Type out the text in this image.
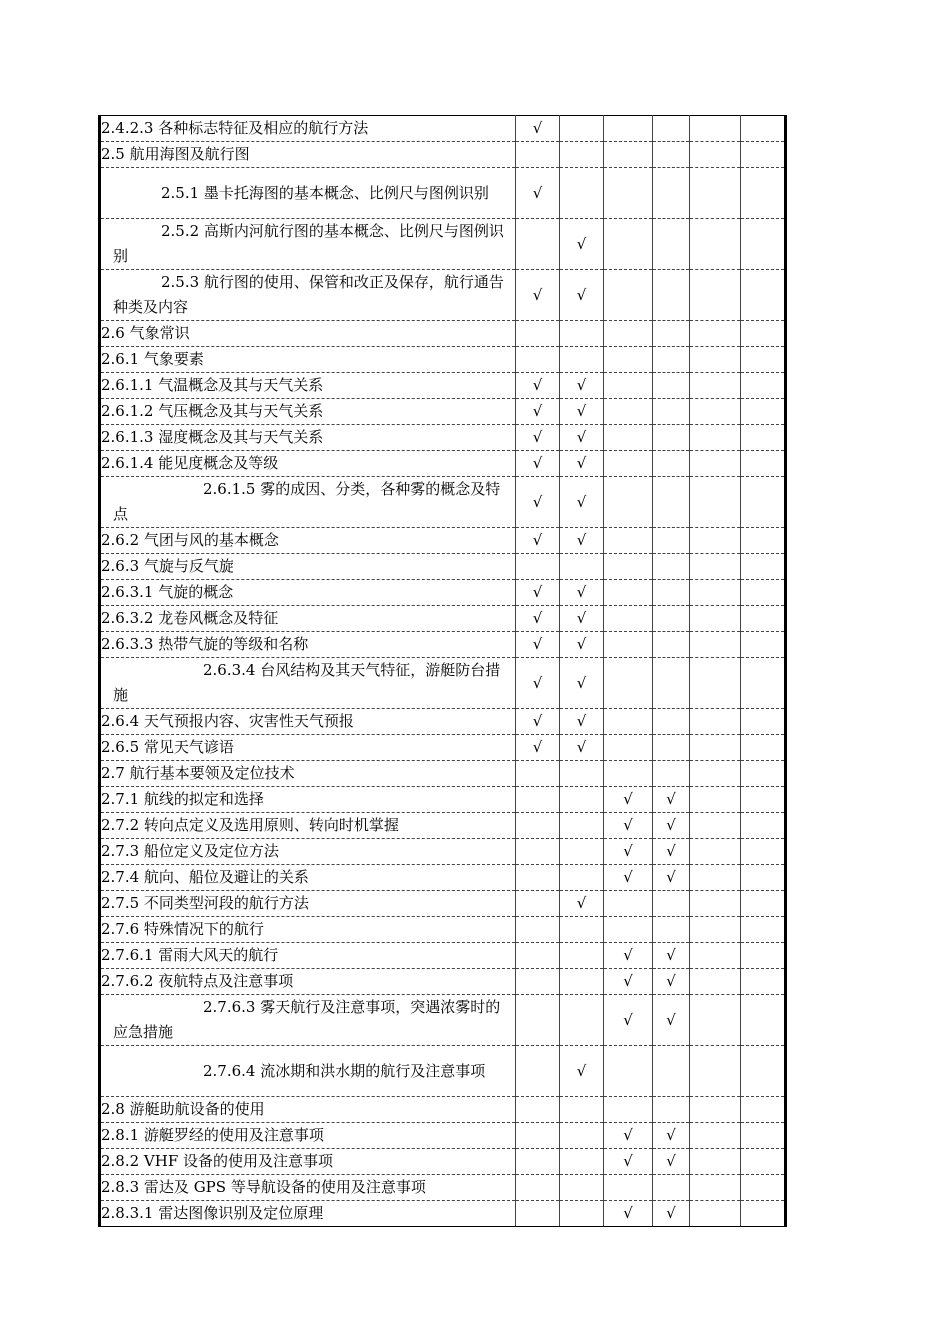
2.4.2.3 各种标志特征及相应的航行方法	√					

2.5 航用海图及航行图						

2.5.1 墨卡托海图的基本概念、比例尺与图例识别	√					

2.5.2 高斯内河航行图的基本概念、比例尺与图例识别		√				

2.5.3 航行图的使用、保管和改正及保存，航行通告种类及内容	√	√				

2.6 气象常识						

2.6.1 气象要素						

2.6.1.1 气温概念及其与天气关系	√	√				

2.6.1.2 气压概念及其与天气关系	√	√				

2.6.1.3 湿度概念及其与天气关系	√	√				

2.6.1.4 能见度概念及等级	√	√				

2.6.1.5 雾的成因、分类，各种雾的概念及特点	√	√				

2.6.2 气团与风的基本概念	√	√				

2.6.3 气旋与反气旋						

2.6.3.1 气旋的概念	√	√				

2.6.3.2 龙卷风概念及特征	√	√				

2.6.3.3 热带气旋的等级和名称	√	√				

2.6.3.4 台风结构及其天气特征，游艇防台措施	√	√				

2.6.4 天气预报内容、灾害性天气预报	√	√				

2.6.5 常见天气谚语	√	√				

2.7 航行基本要领及定位技术						

2.7.1 航线的拟定和选择			√	√		

2.7.2 转向点定义及选用原则、转向时机掌握			√	√		

2.7.3 船位定义及定位方法			√	√		

2.7.4 航向、船位及避让的关系			√	√		

2.7.5 不同类型河段的航行方法		√				

2.7.6 特殊情况下的航行						

2.7.6.1 雷雨大风天的航行			√	√		

2.7.6.2 夜航特点及注意事项			√	√		

2.7.6.3 雾天航行及注意事项，突遇浓雾时的应急措施			√	√		

2.7.6.4 流冰期和洪水期的航行及注意事项		√				

2.8 游艇助航设备的使用						

2.8.1 游艇罗经的使用及注意事项			√	√		

2.8.2 VHF 设备的使用及注意事项			√	√		

2.8.3 雷达及 GPS 等导航设备的使用及注意事项						

2.8.3.1 雷达图像识别及定位原理			√	√		
